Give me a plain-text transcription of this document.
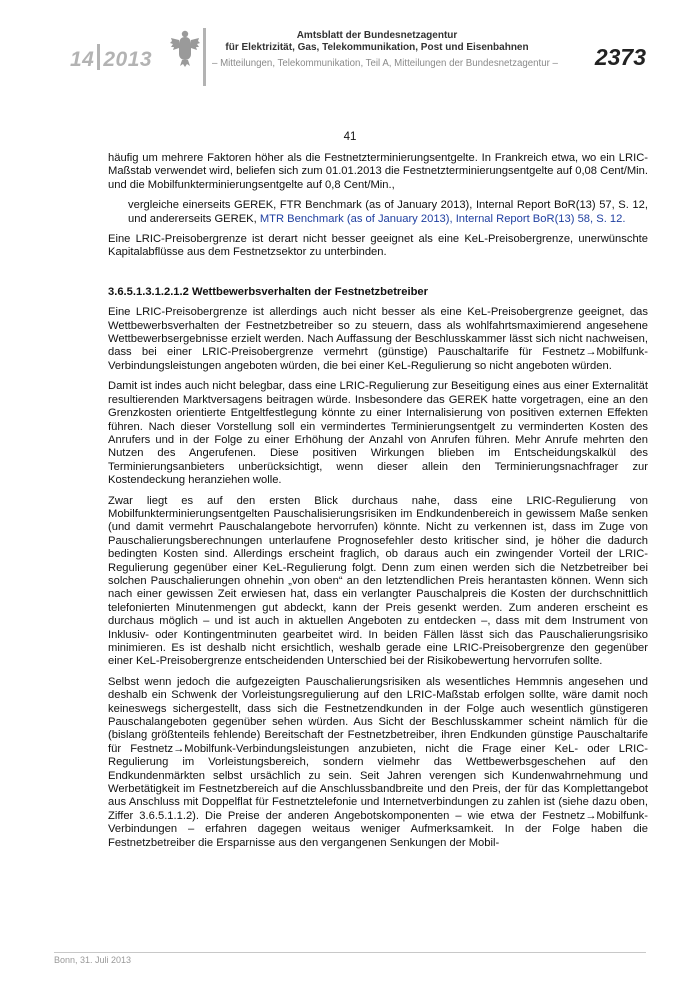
14 2013
Amtsblatt der Bundesnetzagentur
für Elektrizität, Gas, Telekommunikation, Post und Eisenbahnen
– Mitteilungen, Telekommunikation, Teil A, Mitteilungen der Bundesnetzagentur – 2373
41

häufig um mehrere Faktoren höher als die Festnetzterminierungsentgelte. In Frankreich etwa, wo ein LRIC-Maßstab verwendet wird, beliefen sich zum 01.01.2013 die Festnetzterminierungsentgelte auf 0,08 Cent/Min. und die Mobilfunkterminierungsentgelte auf 0,8 Cent/Min.,

vergleiche einerseits GEREK, FTR Benchmark (as of January 2013), Internal Report BoR(13) 57, S. 12, und andererseits GEREK, MTR Benchmark (as of January 2013), Internal Report BoR(13) 58, S. 12.

Eine LRIC-Preisobergrenze ist derart nicht besser geeignet als eine KeL-Preisobergrenze, unerwünschte Kapitalabflüsse aus dem Festnetzsektor zu unterbinden.

3.6.5.1.3.1.2.1.2 Wettbewerbsverhalten der Festnetzbetreiber

Eine LRIC-Preisobergrenze ist allerdings auch nicht besser als eine KeL-Preisobergrenze geeignet, das Wettbewerbsverhalten der Festnetzbetreiber so zu steuern, dass als wohlfahrtsmaximierend angesehene Wettbewerbsergebnisse erzielt werden. Nach Auffassung der Beschlusskammer lässt sich nicht nachweisen, dass bei einer LRIC-Preisobergrenze vermehrt (günstige) Pauschaltarife für Festnetz→Mobilfunk-Verbindungsleistungen angeboten würden, die bei einer KeL-Regulierung so nicht angeboten würden.

Damit ist indes auch nicht belegbar, dass eine LRIC-Regulierung zur Beseitigung eines aus einer Externalität resultierenden Marktversagens beitragen würde. Insbesondere das GEREK hatte vorgetragen, eine an den Grenzkosten orientierte Entgeltfestlegung könnte zu einer Internalisierung von positiven externen Effekten führen. Nach dieser Vorstellung soll ein vermindertes Terminierungsentgelt zu verminderten Kosten des Anrufers und in der Folge zu einer Erhöhung der Anzahl von Anrufen führen. Mehr Anrufe mehrten den Nutzen des Angerufenen. Diese positiven Wirkungen blieben im Entscheidungskalkül des Terminierungsanbieters unberücksichtigt, wenn dieser allein den Terminierungsnachfrager zur Kostendeckung heranziehen wolle.

Zwar liegt es auf den ersten Blick durchaus nahe, dass eine LRIC-Regulierung von Mobilfunkterminierungsentgelten Pauschalisierungsrisiken im Endkundenbereich in gewissem Maße senken (und damit vermehrt Pauschalangebote hervorrufen) könnte. Nicht zu verkennen ist, dass im Zuge von Pauschalierungsberechnungen unterlaufene Prognosefehler desto kritischer sind, je höher die dadurch bedingten Kosten sind. Allerdings erscheint fraglich, ob daraus auch ein zwingender Vorteil der LRIC-Regulierung gegenüber einer KeL-Regulierung folgt. Denn zum einen werden sich die Netzbetreiber bei solchen Pauschalierungen ohnehin „von oben“ an den letztendlichen Preis herantasten können. Wenn sich nach einer gewissen Zeit erwiesen hat, dass ein verlangter Pauschalpreis die Kosten der durchschnittlich telefonierten Minutenmengen gut abdeckt, kann der Preis gesenkt werden. Zum anderen erscheint es durchaus möglich – und ist auch in aktuellen Angeboten zu entdecken –, dass mit dem Instrument von Inklusiv- oder Kontingentminuten gearbeitet wird. In beiden Fällen lässt sich das Pauschalierungsrisiko minimieren. Es ist deshalb nicht ersichtlich, weshalb gerade eine LRIC-Preisobergrenze den gegenüber einer KeL-Preisobergrenze entscheidenden Unterschied bei der Risikobewertung hervorrufen sollte.

Selbst wenn jedoch die aufgezeigten Pauschalierungsrisiken als wesentliches Hemmnis angesehen und deshalb ein Schwenk der Vorleistungsregulierung auf den LRIC-Maßstab erfolgen sollte, wäre damit noch keineswegs sichergestellt, dass sich die Festnetzendkunden in der Folge auch wesentlich günstigeren Pauschalangeboten gegenüber sehen würden. Aus Sicht der Beschlusskammer scheint nämlich für die (bislang größtenteils fehlende) Bereitschaft der Festnetzbetreiber, ihren Endkunden günstige Pauschaltarife für Festnetz→Mobilfunk-Verbindungsleistungen anzubieten, nicht die Frage einer KeL- oder LRIC-Regulierung im Vorleistungsbereich, sondern vielmehr das Wettbewerbsgeschehen auf den Endkundenmärkten selbst ursächlich zu sein. Seit Jahren verengen sich Kundenwahrnehmung und Werbetätigkeit im Festnetzbereich auf die Anschlussbandbreite und den Preis, der für das Komplettangebot aus Anschluss mit Doppelflat für Festnetztelefonie und Internetverbindungen zu zahlen ist (siehe dazu oben, Ziffer 3.6.5.1.1.2). Die Preise der anderen Angebotskomponenten – wie etwa der Festnetz→Mobilfunk-Verbindungen – erfahren dagegen weitaus weniger Aufmerksamkeit. In der Folge haben die Festnetzbetreiber die Ersparnisse aus den vergangenen Senkungen der Mobil-

Bonn, 31. Juli 2013
